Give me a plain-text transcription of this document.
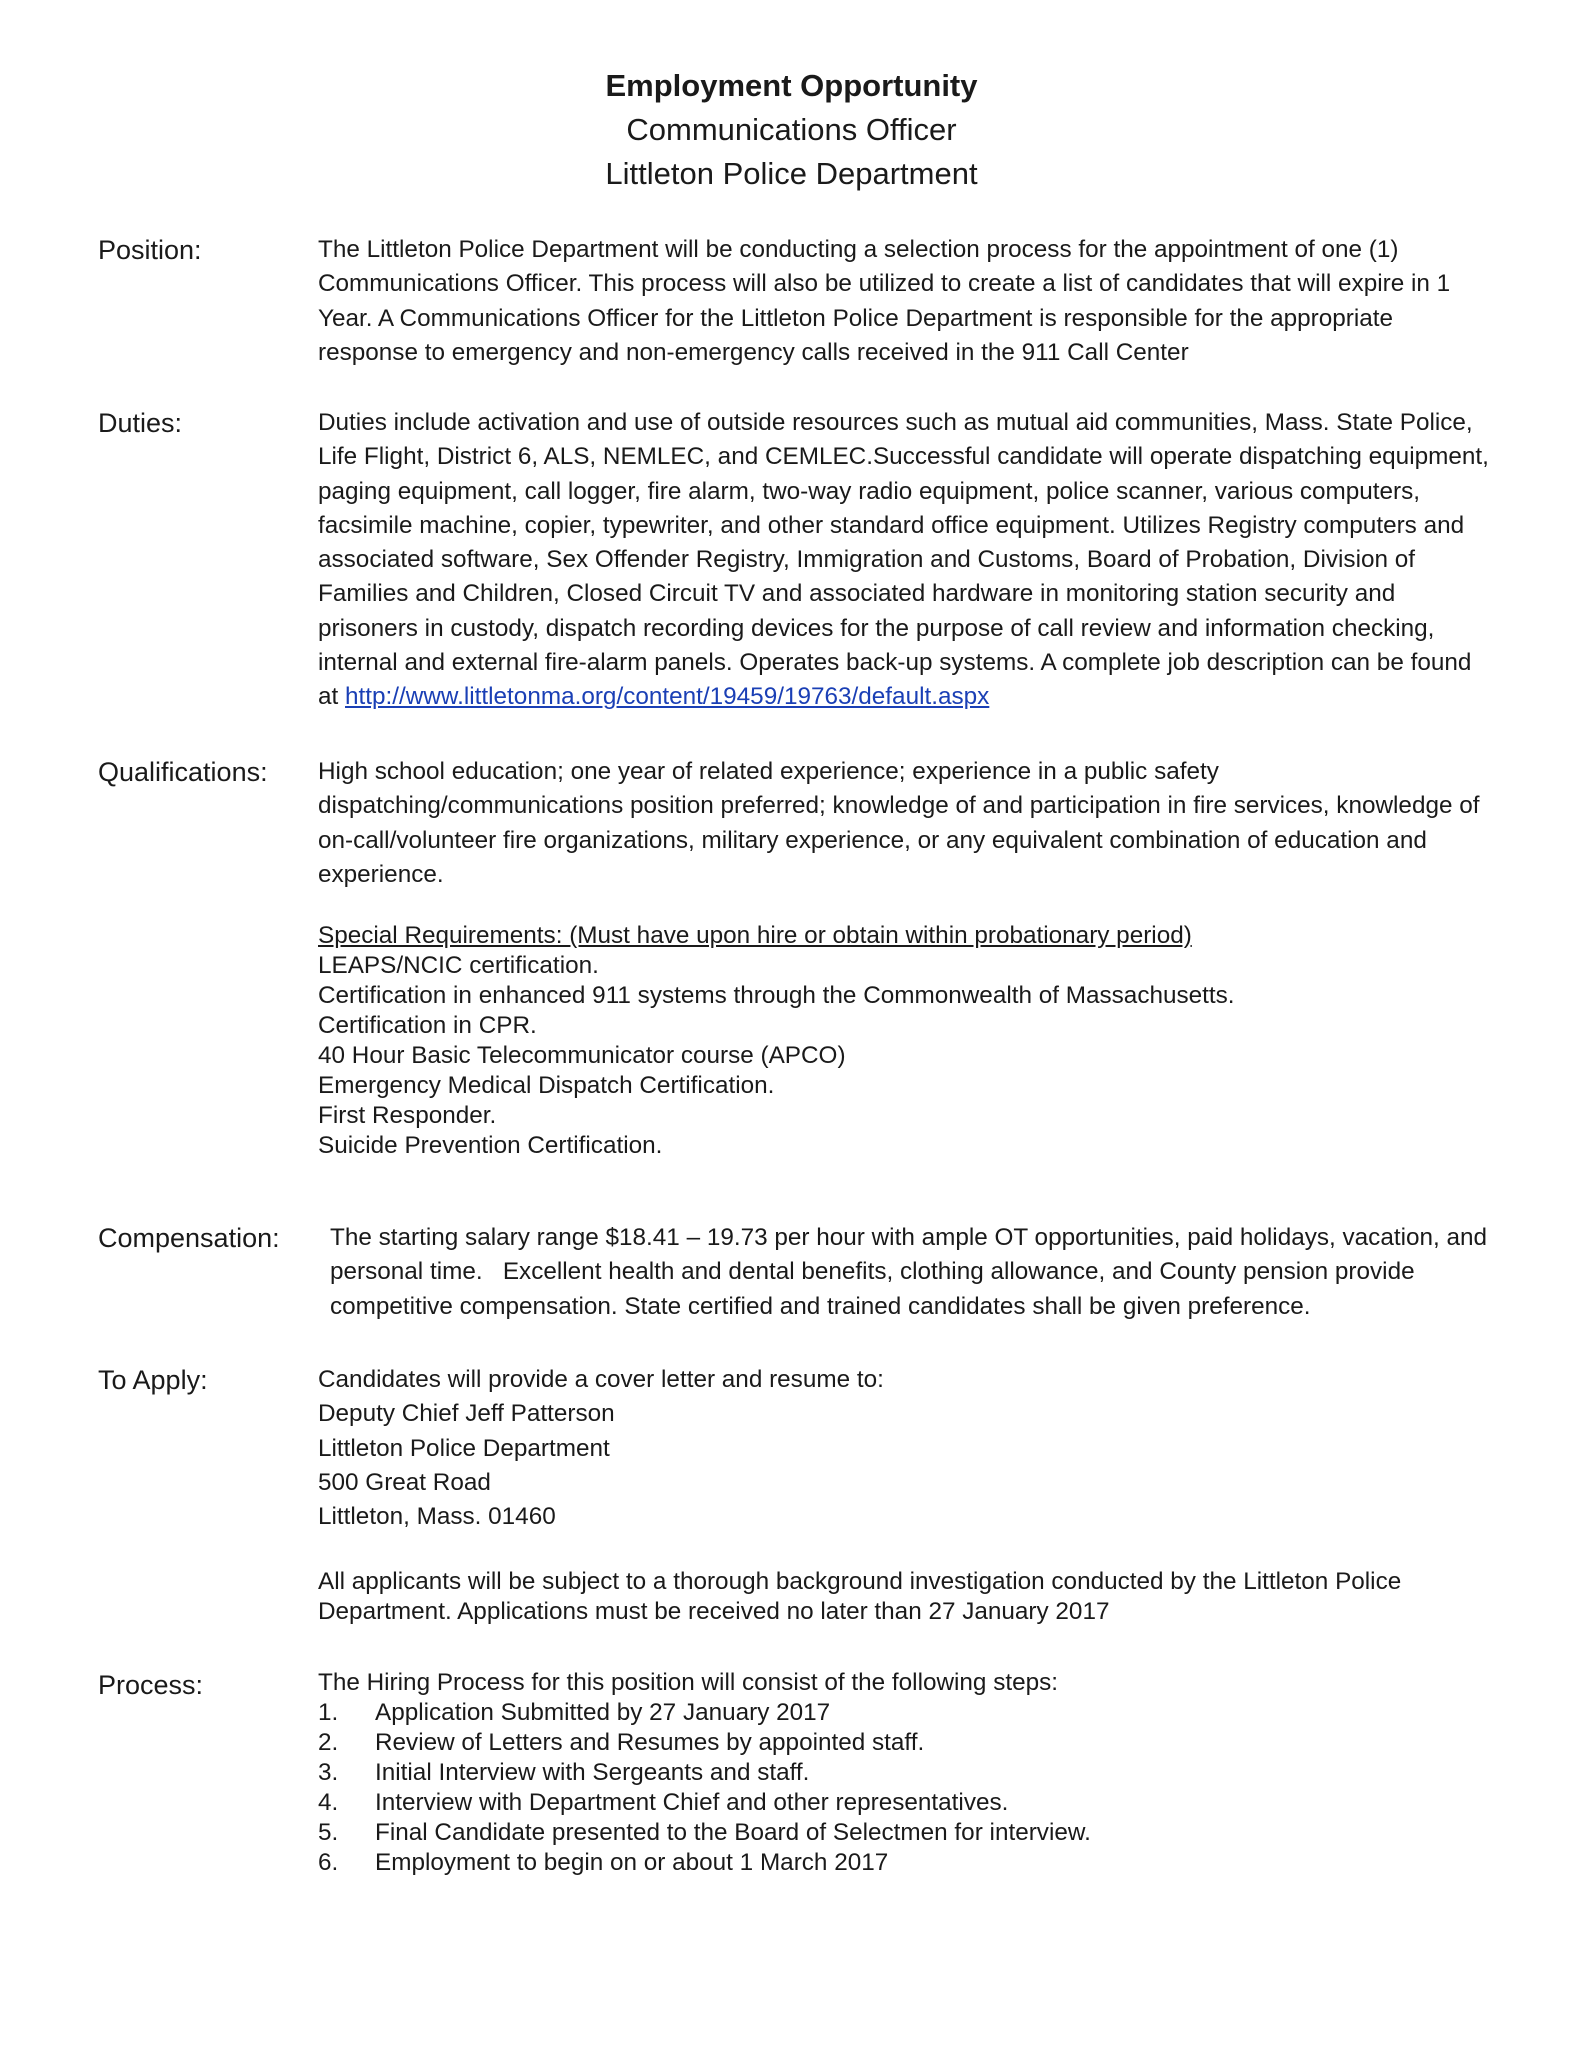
Employment Opportunity
Communications Officer
Littleton Police Department
Position:	The Littleton Police Department will be conducting a selection process for the appointment of one (1) Communications Officer. This process will also be utilized to create a list of candidates that will expire in 1 Year. A Communications Officer for the Littleton Police Department is responsible for the appropriate response to emergency and non-emergency calls received in the 911 Call Center

Duties:	Duties include activation and use of outside resources such as mutual aid communities, Mass. State Police, Life Flight, District 6, ALS, NEMLEC, and CEMLEC.Successful candidate will operate dispatching equipment, paging equipment, call logger, fire alarm, two-way radio equipment, police scanner, various computers, facsimile machine, copier, typewriter, and other standard office equipment. Utilizes Registry computers and associated software, Sex Offender Registry, Immigration and Customs, Board of Probation, Division of Families and Children, Closed Circuit TV and associated hardware in monitoring station security and prisoners in custody, dispatch recording devices for the purpose of call review and information checking, internal and external fire-alarm panels. Operates back-up systems. A complete job description can be found at http://www.littletonma.org/content/19459/19763/default.aspx

Qualifications: High school education; one year of related experience; experience in a public safety dispatching/communications position preferred; knowledge of and participation in fire services, knowledge of on-call/volunteer fire organizations, military experience, or any equivalent combination of education and experience.

Special Requirements: (Must have upon hire or obtain within probationary period)
LEAPS/NCIC certification.
Certification in enhanced 911 systems through the Commonwealth of Massachusetts.
Certification in CPR.
40 Hour Basic Telecommunicator course (APCO)
Emergency Medical Dispatch Certification.
First Responder.
Suicide Prevention Certification.
Compensation: The starting salary range $18.41 – 19.73 per hour with ample OT opportunities, paid holidays, vacation, and personal time.   Excellent health and dental benefits, clothing allowance, and County pension provide competitive compensation. State certified and trained candidates shall be given preference.

To Apply:	Candidates will provide a cover letter and resume to:
Deputy Chief Jeff Patterson
Littleton Police Department
500 Great Road
Littleton, Mass. 01460
All applicants will be subject to a thorough background investigation conducted by the Littleton Police Department. Applications must be received no later than 27 January 2017
Process:	The Hiring Process for this position will consist of the following steps:
1.	Application Submitted by 27 January 2017
2.	Review of Letters and Resumes by appointed staff.
3.	Initial Interview with Sergeants and staff.
4.	Interview with Department Chief and other representatives.
5.	Final Candidate presented to the Board of Selectmen for interview.
6.	Employment to begin on or about 1 March 2017
